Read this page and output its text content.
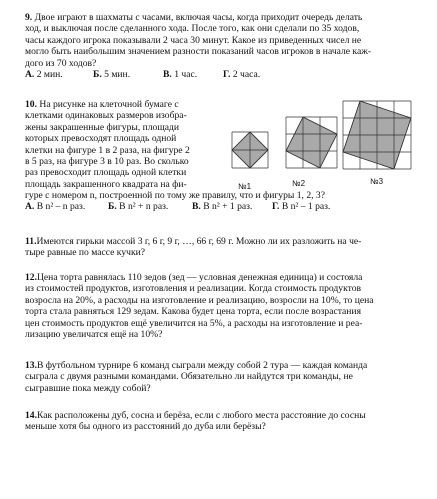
9. Двое играют в шахматы с часами, включая часы, когда приходит очередь делать
ход, и выключая после сделанного хода. После того, как они сделали по 35 ходов,
часы каждого игрока показывали 2 часа 30 минут. Какое из приведенных чисел не
могло быть наибольшим значением разности показаний часов игроков в начале каж-
дого из 70 ходов?
А. 2 мин.	Б. 5 мин.	В. 1 час.	Г. 2 часа.
10. На рисунке на клеточной бумаге с
клетками одинаковых размеров изобра-
жены закрашенные фигуры, площади
которых превосходят площадь одной
клетки на фигуре 1 в 2 раза, на фигуре 2
в 5 раз, на фигуре 3 в 10 раз. Во сколько
раз превосходит площадь одной клетки
площадь закрашенного квадрата на фи-	№1	№2	№3
гуре с номером n, построенной по тому же правилу, что и фигуры 1, 2, 3?
А. B n² – n раз.	Б. B n² + n раз.	В. B n² + 1 раз.	Г. B n² – 1 раз.
11.Имеются гирьки массой 3 г, 6 г, 9 г, …, 66 г, 69 г. Можно ли их разложить на че-
тыре равные по массе кучки?
12.Цена торта равнялась 110 зедов (зед — условная денежная единица) и состояла
из стоимостей продуктов, изготовления и реализации. Когда стоимость продуктов
возросла на 20%, а расходы на изготовление и реализацию, возросли на 10%, то цена
торта стала равняться 129 зедам. Какова будет цена торта, если после возрастания
цен стоимость продуктов ещё увеличится на 5%, а расходы на изготовление и реа-
лизацию увеличатся ещё на 10%?
13.В футбольном турнире 6 команд сыграли между собой 2 тура — каждая команда
сыграла с двумя разными командами. Обязательно ли найдутся три команды, не
сыгравшие пока между собой?
14.Как расположены дуб, сосна и берёза, если с любого места расстояние до сосны
меньше хотя бы одного из расстояний до дуба или берёзы?
